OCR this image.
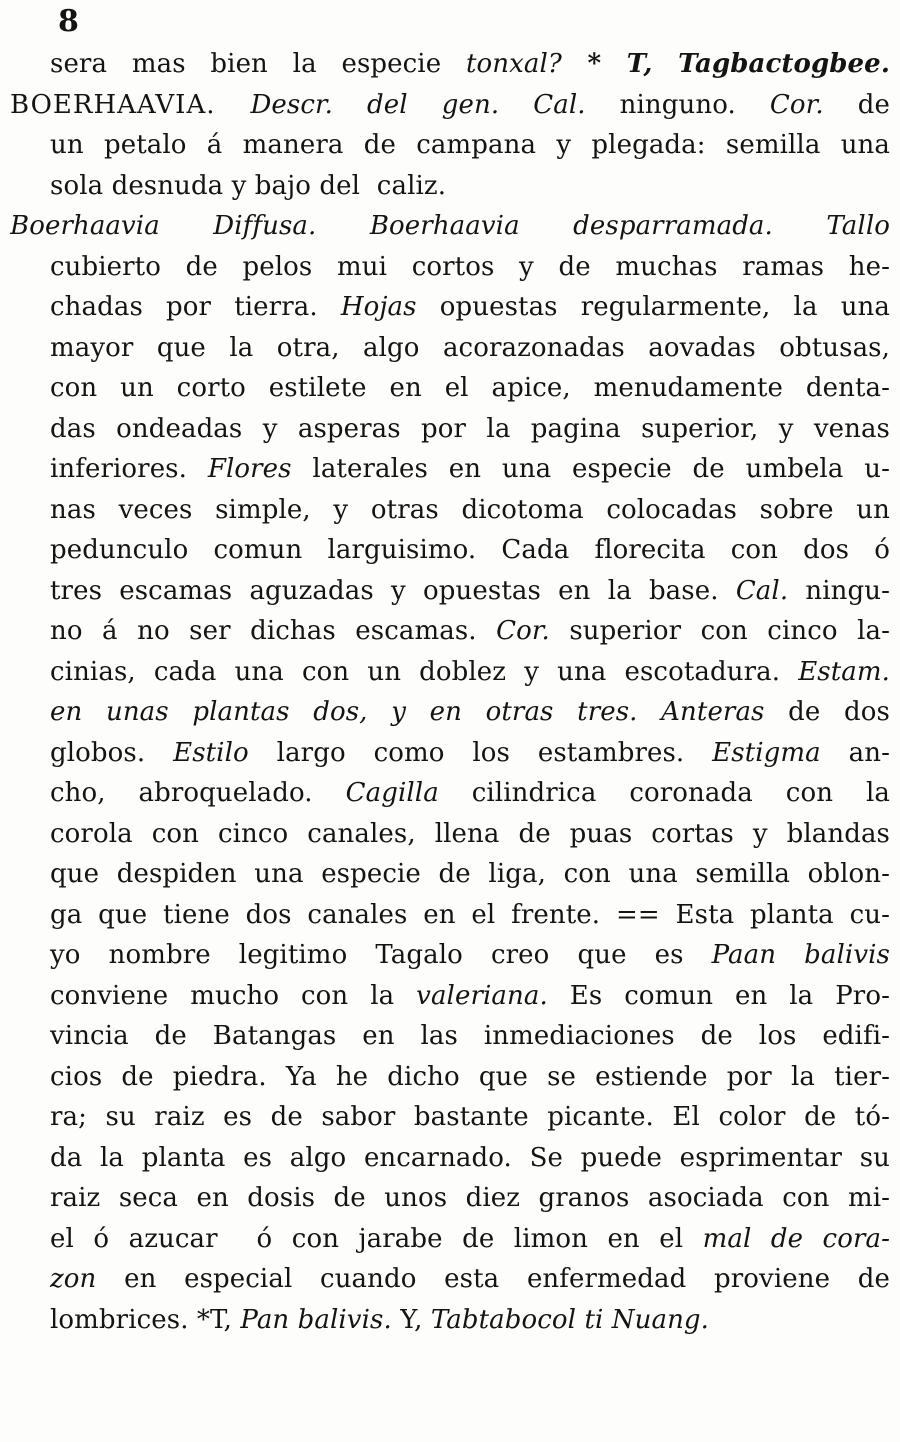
8
sera mas bien la especie tonxal? * T, Tagbactogbee.
BOERHAAVIA. Descr. del gen. Cal. ninguno. Cor. de
un petalo á manera de campana y plegada: semilla una
sola desnuda y bajo del  caliz.
Boerhaavia Diffusa. Boerhaavia desparramada. Tallo
cubierto de pelos mui cortos y de muchas ramas he-
chadas por tierra. Hojas opuestas regularmente, la una
mayor que la otra, algo acorazonadas aovadas obtusas,
con un corto estilete en el apice, menudamente denta-
das ondeadas y asperas por la pagina superior, y venas
inferiores. Flores laterales en una especie de umbela u-
nas veces simple, y otras dicotoma colocadas sobre un
pedunculo comun larguisimo. Cada florecita con dos ó
tres escamas aguzadas y opuestas en la base. Cal. ningu-
no á no ser dichas escamas. Cor. superior con cinco la-
cinias, cada una con un doblez y una escotadura. Estam.
en unas plantas dos, y en otras tres. Anteras de dos
globos. Estilo largo como los estambres. Estigma an-
cho, abroquelado. Cagilla cilindrica coronada con la
corola con cinco canales, llena de puas cortas y blandas
que despiden una especie de liga, con una semilla oblon-
ga que tiene dos canales en el frente. == Esta planta cu-
yo nombre legitimo Tagalo creo que es Paan balivis
conviene mucho con la valeriana. Es comun en la Pro-
vincia de Batangas en las inmediaciones de los edifi-
cios de piedra. Ya he dicho que se estiende por la tier-
ra; su raiz es de sabor bastante picante. El color de tó-
da la planta es algo encarnado. Se puede esprimentar su
raiz seca en dosis de unos diez granos asociada con mi-
el ó azucar  ó con jarabe de limon en el mal de cora-
zon en especial cuando esta enfermedad proviene de
lombrices. *T, Pan balivis. Y, Tabtabocol ti Nuang.
